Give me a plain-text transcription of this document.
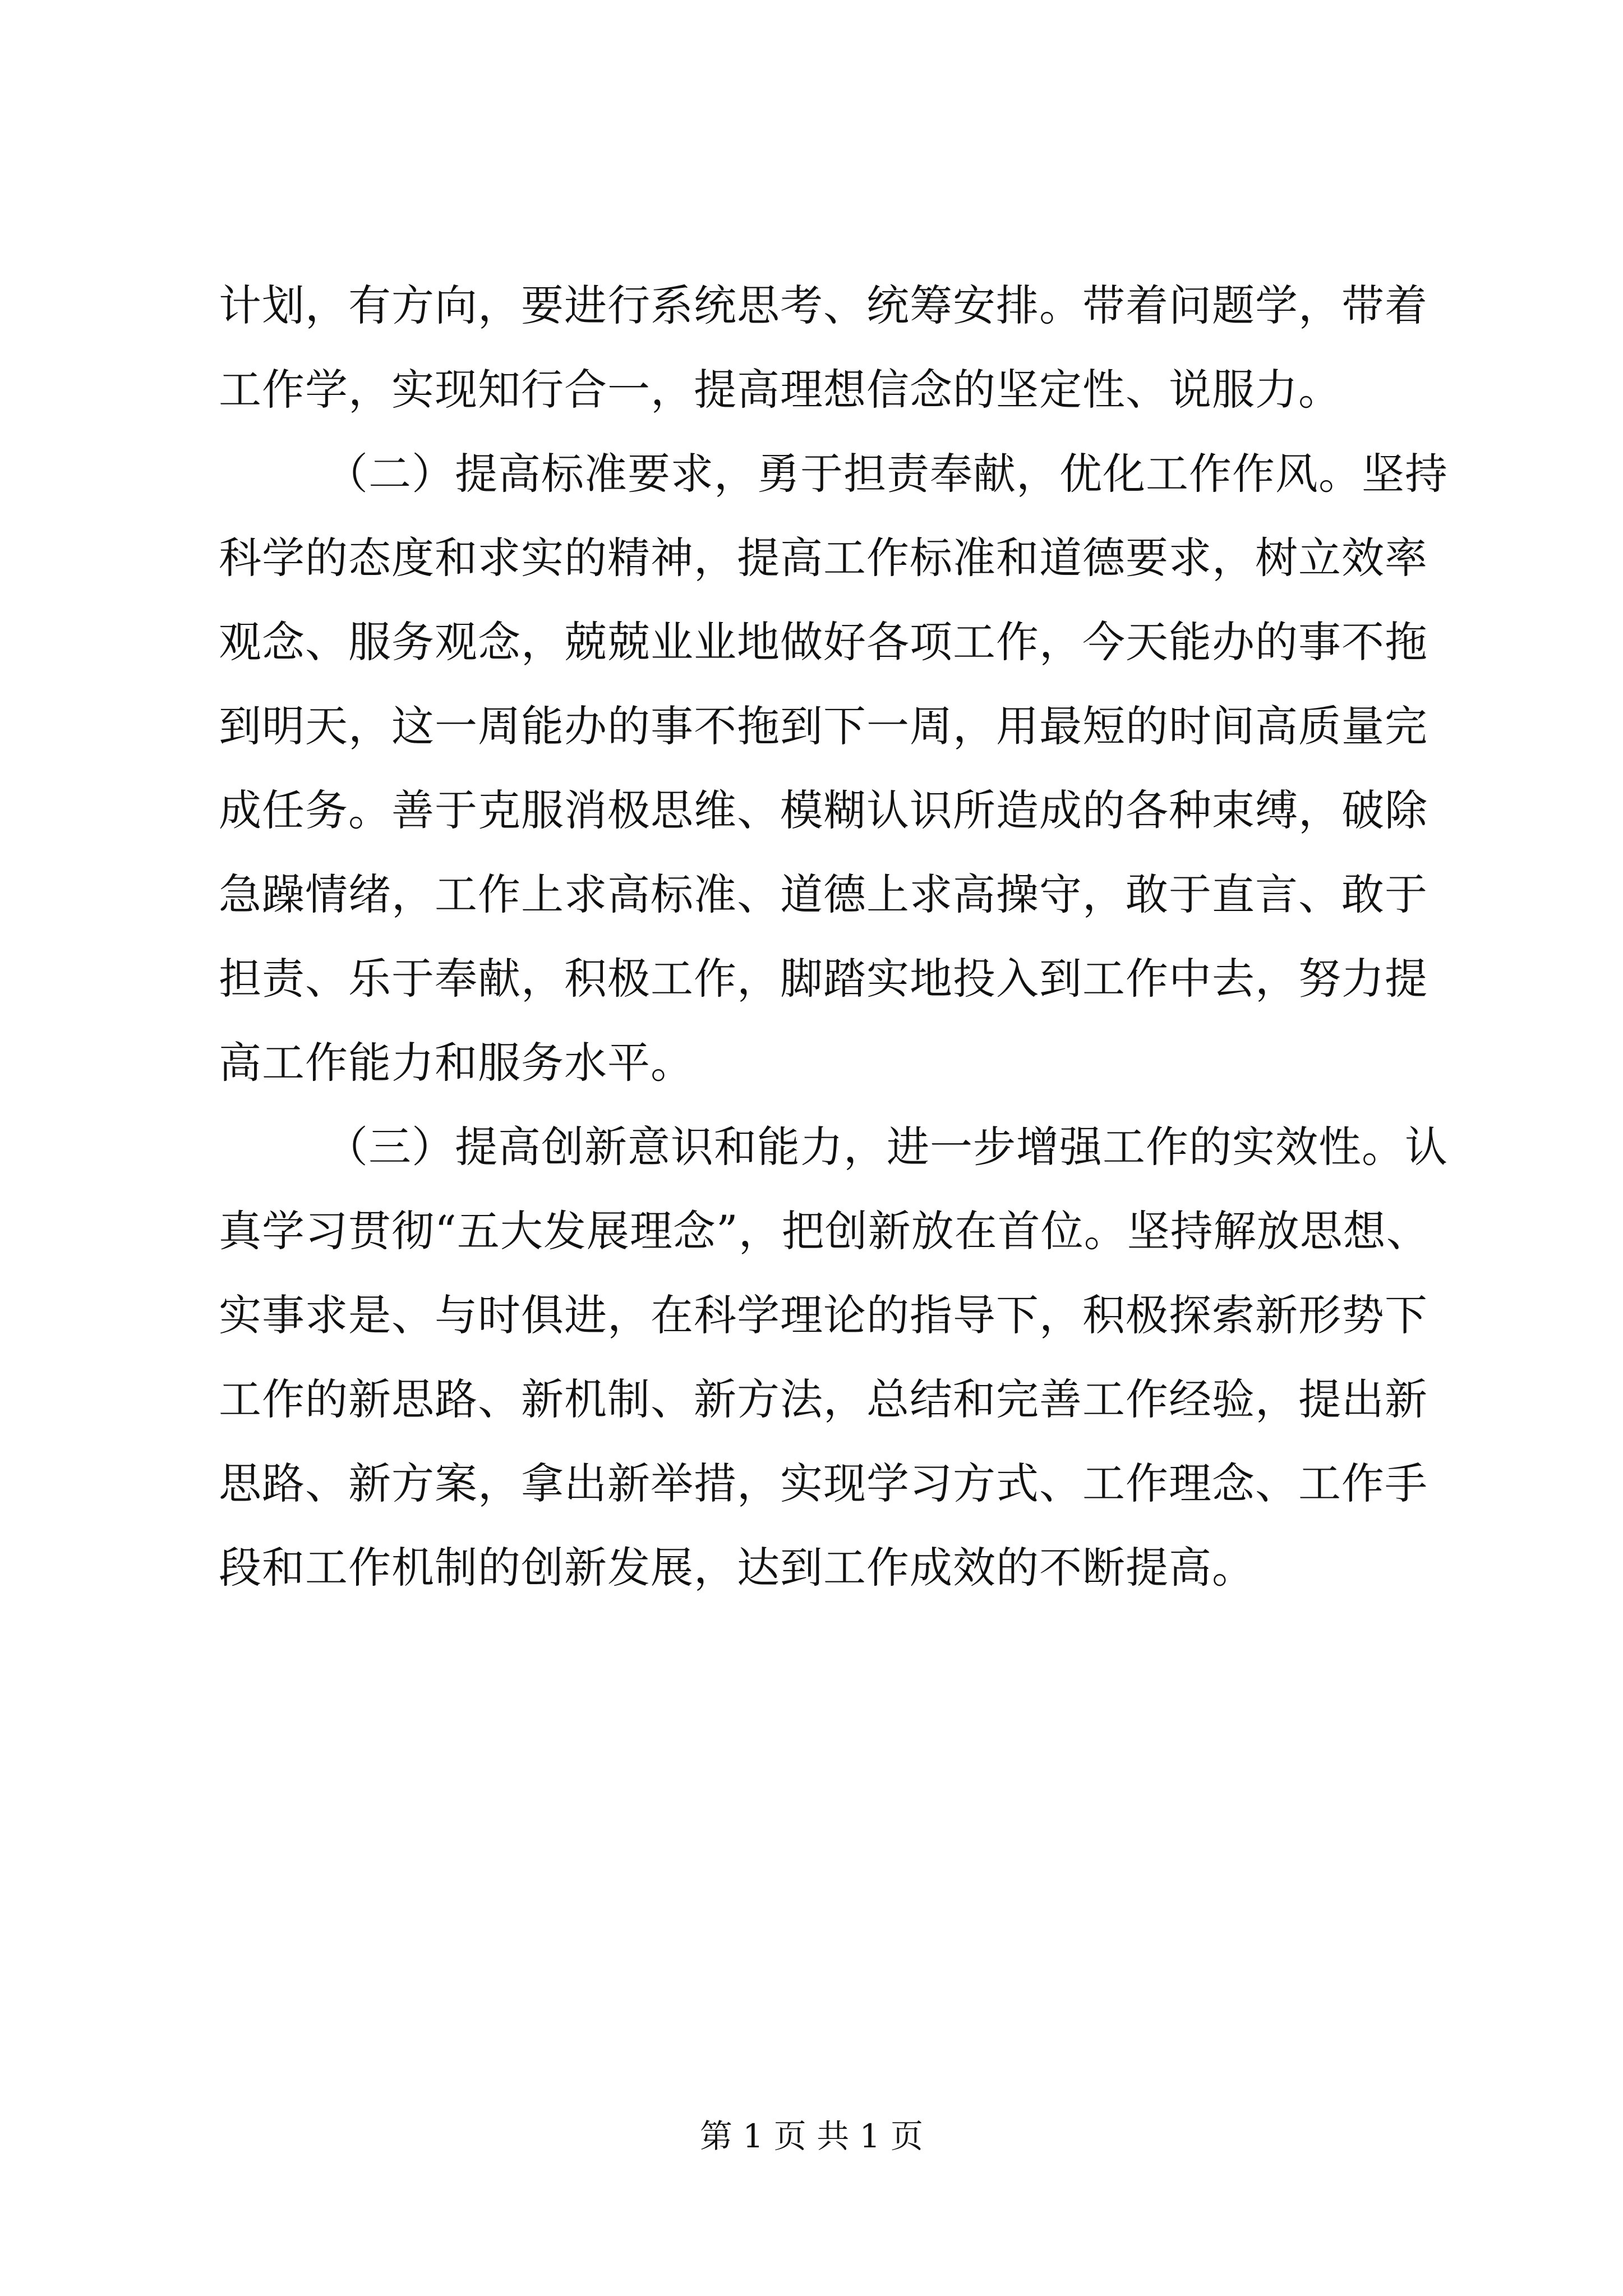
计划，有方向，要进行系统思考、统筹安排。带着问题学，带着
工作学，实现知行合一，提高理想信念的坚定性、说服力。
（二）提高标准要求，勇于担责奉献，优化工作作风。坚持
科学的态度和求实的精神，提高工作标准和道德要求，树立效率
观念、服务观念，兢兢业业地做好各项工作，今天能办的事不拖
到明天，这一周能办的事不拖到下一周，用最短的时间高质量完
成任务。善于克服消极思维、模糊认识所造成的各种束缚，破除
急躁情绪，工作上求高标准、道德上求高操守，敢于直言、敢于
担责、乐于奉献，积极工作，脚踏实地投入到工作中去，努力提
高工作能力和服务水平。
（三）提高创新意识和能力，进一步增强工作的实效性。认
真学习贯彻“五大发展理念”，把创新放在首位。坚持解放思想、
实事求是、与时俱进，在科学理论的指导下，积极探索新形势下
工作的新思路、新机制、新方法，总结和完善工作经验，提出新
思路、新方案，拿出新举措，实现学习方式、工作理念、工作手
段和工作机制的创新发展，达到工作成效的不断提高。
第 1 页 共 1 页
